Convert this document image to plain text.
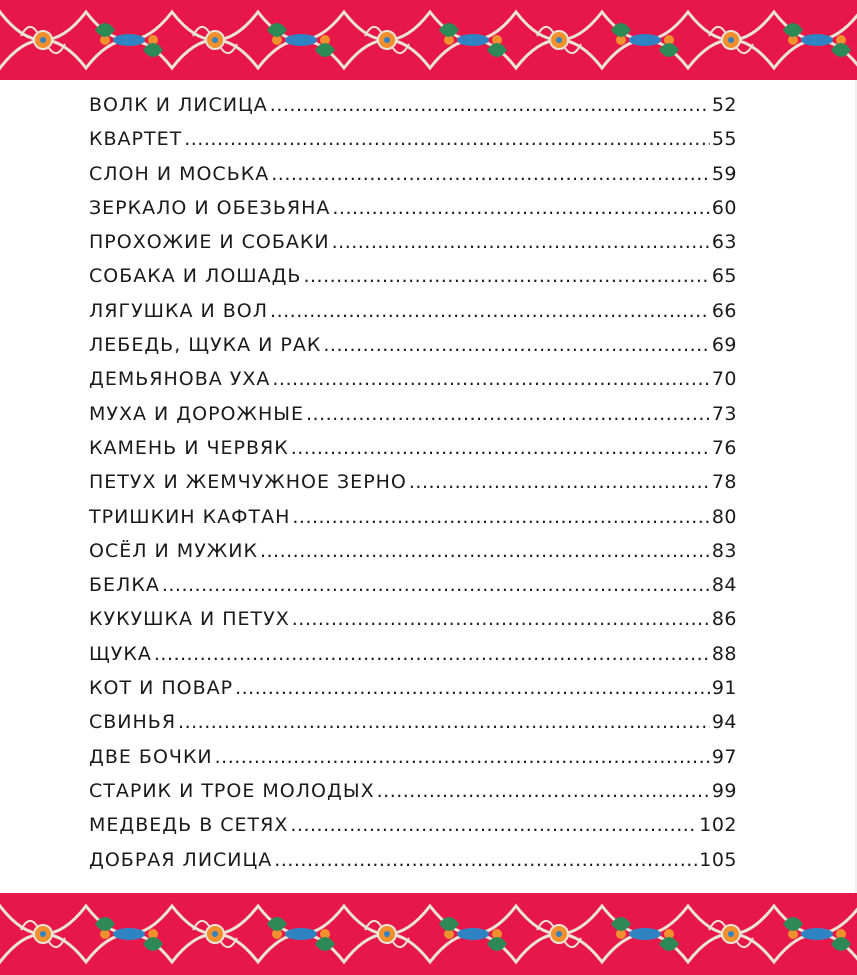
ВОЛК И ЛИСИЦА .....	52
КВАРТЕТ .....	55
СЛОН И МОСЬКА .....	59
ЗЕРКАЛО И ОБЕЗЬЯНА .....	60
ПРОХОЖИЕ И СОБАКИ .....	63
СОБАКА И ЛОШАДЬ .....	65
ЛЯГУШКА И ВОЛ .....	66
ЛЕБЕДЬ, ЩУКА И РАК .....	69
ДЕМЬЯНОВА УХА .....	70
МУХА И ДОРОЖНЫЕ .....	73
КАМЕНЬ И ЧЕРВЯК .....	76
ПЕТУХ И ЖЕМЧУЖНОЕ ЗЕРНО .....	78
ТРИШКИН КАФТАН .....	80
ОСЁЛ И МУЖИК .....	83
БЕЛКА .....	84
КУКУШКА И ПЕТУХ .....	86
ЩУКА .....	88
КОТ И ПОВАР .....	91
СВИНЬЯ .....	94
ДВЕ БОЧКИ .....	97
СТАРИК И ТРОЕ МОЛОДЫХ .....	99
МЕДВЕДЬ В СЕТЯХ .....	102
ДОБРАЯ ЛИСИЦА .....	105
